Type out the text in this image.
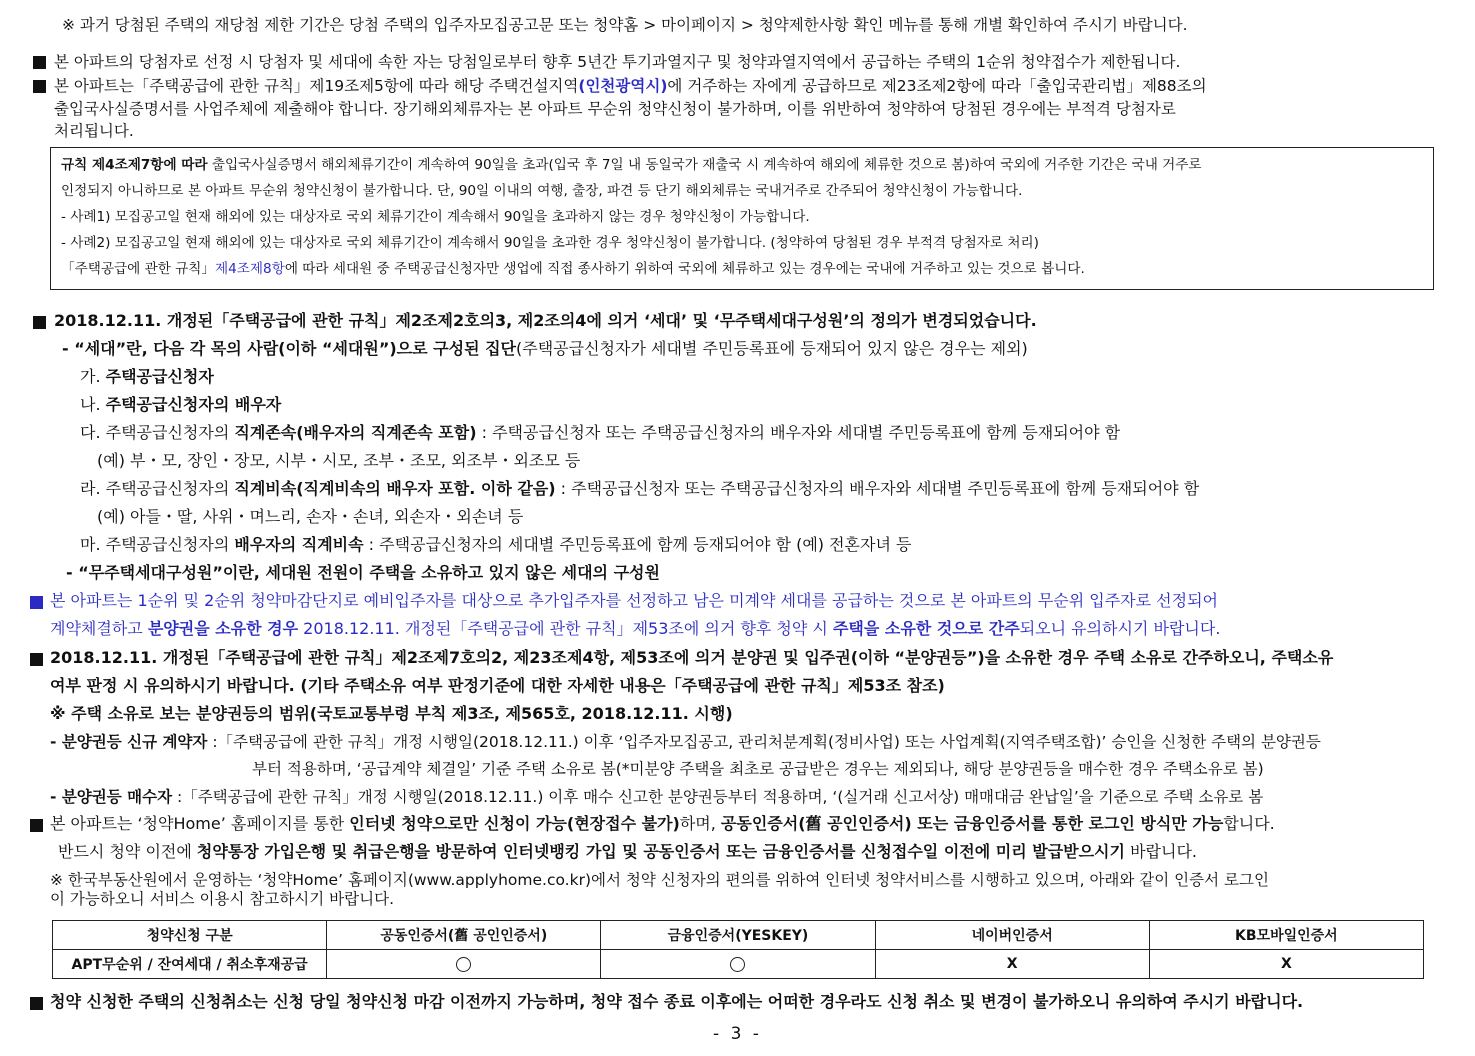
※ 과거 당첨된 주택의 재당첨 제한 기간은 당첨 주택의 입주자모집공고문 또는 청약홈 > 마이페이지 > 청약제한사항 확인 메뉴를 통해 개별 확인하여 주시기 바랍니다.
본 아파트의 당첨자로 선정 시 당첨자 및 세대에 속한 자는 당첨일로부터 향후 5년간 투기과열지구 및 청약과열지역에서 공급하는 주택의 1순위 청약접수가 제한됩니다.
본 아파트는「주택공급에 관한 규칙」제19조제5항에 따라 해당 주택건설지역(인천광역시)에 거주하는 자에게 공급하므로 제23조제2항에 따라「출입국관리법」제88조의
출입국사실증명서를 사업주체에 제출해야 합니다. 장기해외체류자는 본 아파트 무순위 청약신청이 불가하며, 이를 위반하여 청약하여 당첨된 경우에는 부적격 당첨자로
처리됩니다.
규칙 제4조제7항에 따라 출입국사실증명서 해외체류기간이 계속하여 90일을 초과(입국 후 7일 내 동일국가 재출국 시 계속하여 해외에 체류한 것으로 봄)하여 국외에 거주한 기간은 국내 거주로
인정되지 아니하므로 본 아파트 무순위 청약신청이 불가합니다. 단, 90일 이내의 여행, 출장, 파견 등 단기 해외체류는 국내거주로 간주되어 청약신청이 가능합니다.
- 사례1) 모집공고일 현재 해외에 있는 대상자로 국외 체류기간이 계속해서 90일을 초과하지 않는 경우 청약신청이 가능합니다.
- 사례2) 모집공고일 현재 해외에 있는 대상자로 국외 체류기간이 계속해서 90일을 초과한 경우 청약신청이 불가합니다. (청약하여 당첨된 경우 부적격 당첨자로 처리)
「주택공급에 관한 규칙」제4조제8항에 따라 세대원 중 주택공급신청자만 생업에 직접 종사하기 위하여 국외에 체류하고 있는 경우에는 국내에 거주하고 있는 것으로 봅니다.
2018.12.11. 개정된「주택공급에 관한 규칙」제2조제2호의3, 제2조의4에 의거 ‘세대’ 및 ‘무주택세대구성원’의 정의가 변경되었습니다.
- “세대”란, 다음 각 목의 사람(이하 “세대원”)으로 구성된 집단(주택공급신청자가 세대별 주민등록표에 등재되어 있지 않은 경우는 제외)
가. 주택공급신청자
나. 주택공급신청자의 배우자
다. 주택공급신청자의 직계존속(배우자의 직계존속 포함) : 주택공급신청자 또는 주택공급신청자의 배우자와 세대별 주민등록표에 함께 등재되어야 함
(예) 부・모, 장인・장모, 시부・시모, 조부・조모, 외조부・외조모 등
라. 주택공급신청자의 직계비속(직계비속의 배우자 포함. 이하 같음) : 주택공급신청자 또는 주택공급신청자의 배우자와 세대별 주민등록표에 함께 등재되어야 함
(예) 아들・딸, 사위・며느리, 손자・손녀, 외손자・외손녀 등
마. 주택공급신청자의 배우자의 직계비속 : 주택공급신청자의 세대별 주민등록표에 함께 등재되어야 함 (예) 전혼자녀 등
- “무주택세대구성원”이란, 세대원 전원이 주택을 소유하고 있지 않은 세대의 구성원
본 아파트는 1순위 및 2순위 청약마감단지로 예비입주자를 대상으로 추가입주자를 선정하고 남은 미계약 세대를 공급하는 것으로 본 아파트의 무순위 입주자로 선정되어
계약체결하고 분양권을 소유한 경우 2018.12.11. 개정된「주택공급에 관한 규칙」제53조에 의거 향후 청약 시 주택을 소유한 것으로 간주되오니 유의하시기 바랍니다.
2018.12.11. 개정된「주택공급에 관한 규칙」제2조제7호의2, 제23조제4항, 제53조에 의거 분양권 및 입주권(이하 “분양권등”)을 소유한 경우 주택 소유로 간주하오니, 주택소유
여부 판정 시 유의하시기 바랍니다. (기타 주택소유 여부 판정기준에 대한 자세한 내용은「주택공급에 관한 규칙」제53조 참조)
※ 주택 소유로 보는 분양권등의 범위(국토교통부령 부칙 제3조, 제565호, 2018.12.11. 시행)
- 분양권등 신규 계약자 :「주택공급에 관한 규칙」개정 시행일(2018.12.11.) 이후 ‘입주자모집공고, 관리처분계획(정비사업) 또는 사업계획(지역주택조합)’ 승인을 신청한 주택의 분양권등
부터 적용하며, ‘공급계약 체결일’ 기준 주택 소유로 봄(*미분양 주택을 최초로 공급받은 경우는 제외되나, 해당 분양권등을 매수한 경우 주택소유로 봄)
- 분양권등 매수자 :「주택공급에 관한 규칙」개정 시행일(2018.12.11.) 이후 매수 신고한 분양권등부터 적용하며, ‘(실거래 신고서상) 매매대금 완납일’을 기준으로 주택 소유로 봄
본 아파트는 ‘청약Home’ 홈페이지를 통한 인터넷 청약으로만 신청이 가능(현장접수 불가)하며, 공동인증서(舊 공인인증서) 또는 금융인증서를 통한 로그인 방식만 가능합니다.
반드시 청약 이전에 청약통장 가입은행 및 취급은행을 방문하여 인터넷뱅킹 가입 및 공동인증서 또는 금융인증서를 신청접수일 이전에 미리 발급받으시기 바랍니다.
※ 한국부동산원에서 운영하는 ‘청약Home’ 홈페이지(www.applyhome.co.kr)에서 청약 신청자의 편의를 위하여 인터넷 청약서비스를 시행하고 있으며, 아래와 같이 인증서 로그인
이 가능하오니 서비스 이용시 참고하시기 바랍니다.
청약신청 구분	공동인증서(舊 공인인증서)	금융인증서(YESKEY)	네이버인증서	KB모바일인증서
APT무순위 / 잔여세대 / 취소후재공급			X	X
청약 신청한 주택의 신청취소는 신청 당일 청약신청 마감 이전까지 가능하며, 청약 접수 종료 이후에는 어떠한 경우라도 신청 취소 및 변경이 불가하오니 유의하여 주시기 바랍니다.
- 3 -
